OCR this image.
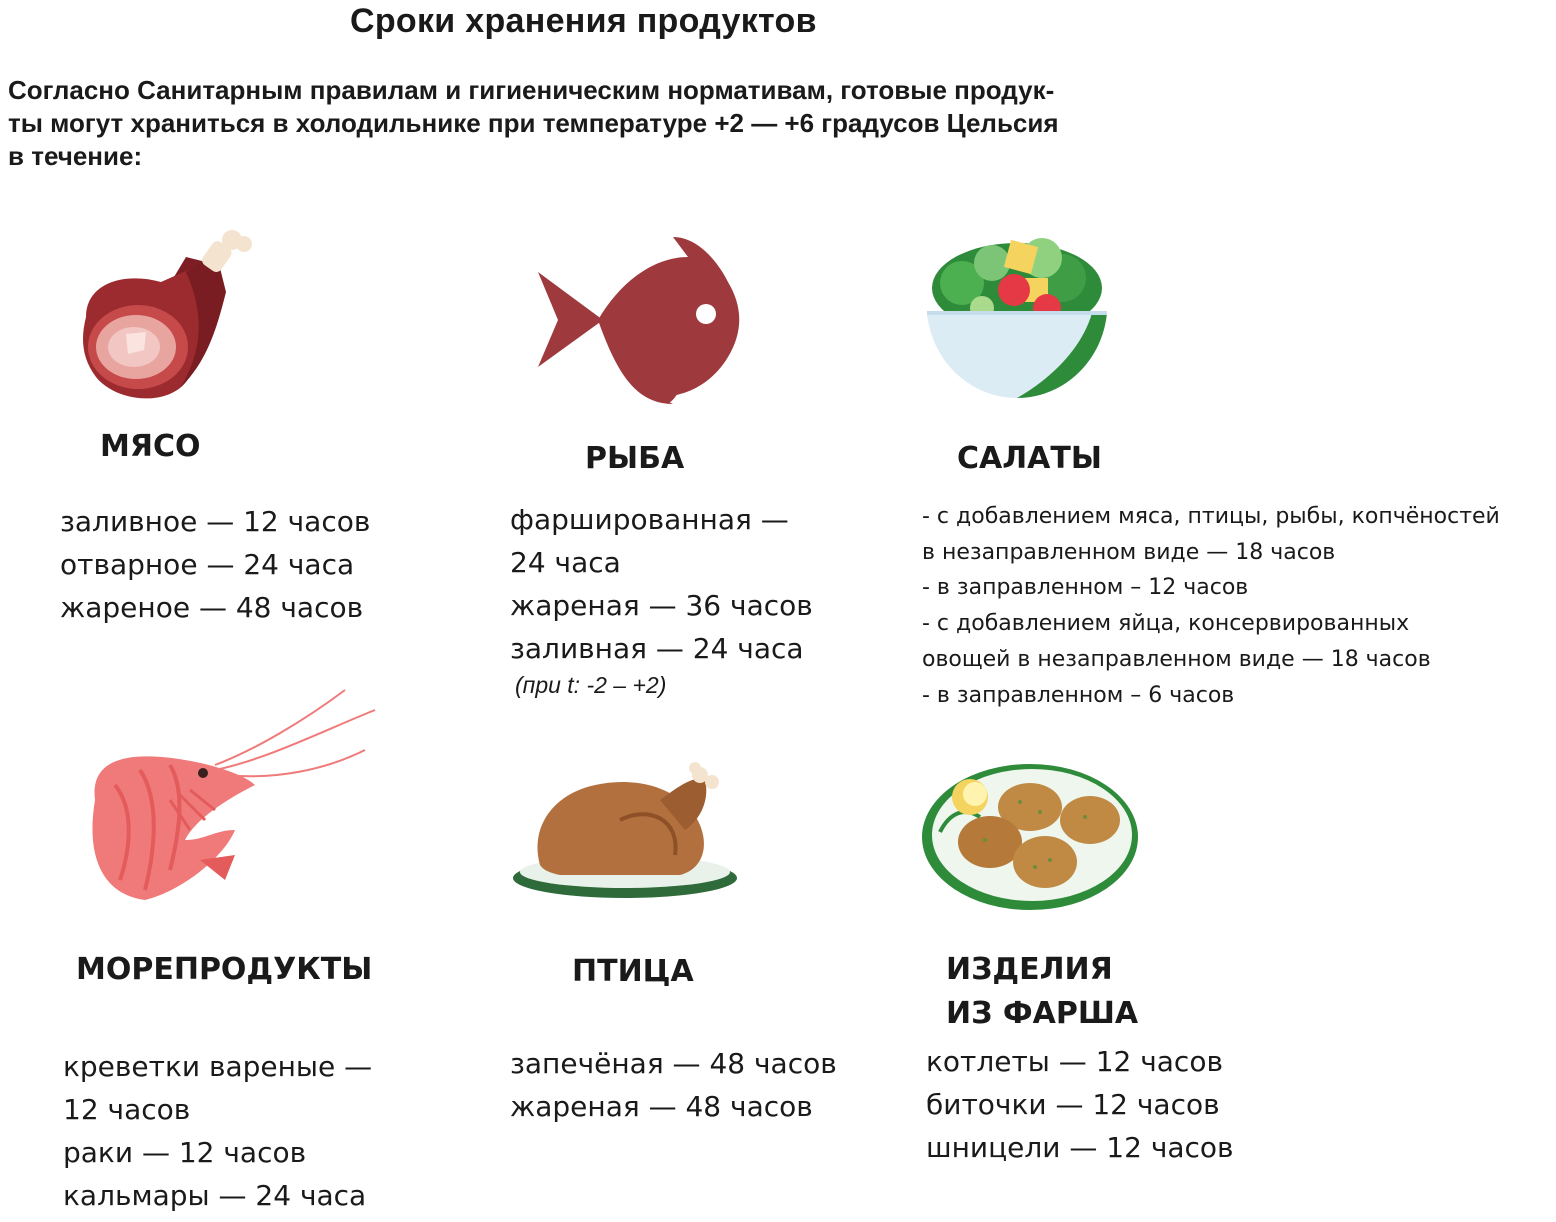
Сроки хранения продуктов
Согласно Санитарным правилам и гигиеническим нормативам, готовые продук-
ты могут храниться в холодильнике при температуре +2 — +6 градусов Цельсия
в течение:
МЯСО
заливное — 12 часов
отварное — 24 часа
жареное — 48 часов
РЫБА
фаршированная —
24 часа
жареная — 36 часов
заливная — 24 часа
(при t: -2 – +2)
САЛАТЫ
- с добавлением мяса, птицы, рыбы, копчёностей
в незаправленном виде — 18 часов
- в заправленном – 12 часов
- с добавлением яйца, консервированных
овощей в незаправленном виде — 18 часов
- в заправленном – 6 часов
МОРЕПРОДУКТЫ
креветки вареные —
12 часов
раки — 12 часов
кальмары — 24 часа
ПТИЦА
запечёная — 48 часов
жареная — 48 часов
ИЗДЕЛИЯ
ИЗ ФАРША
котлеты — 12 часов
биточки — 12 часов
шницели — 12 часов
